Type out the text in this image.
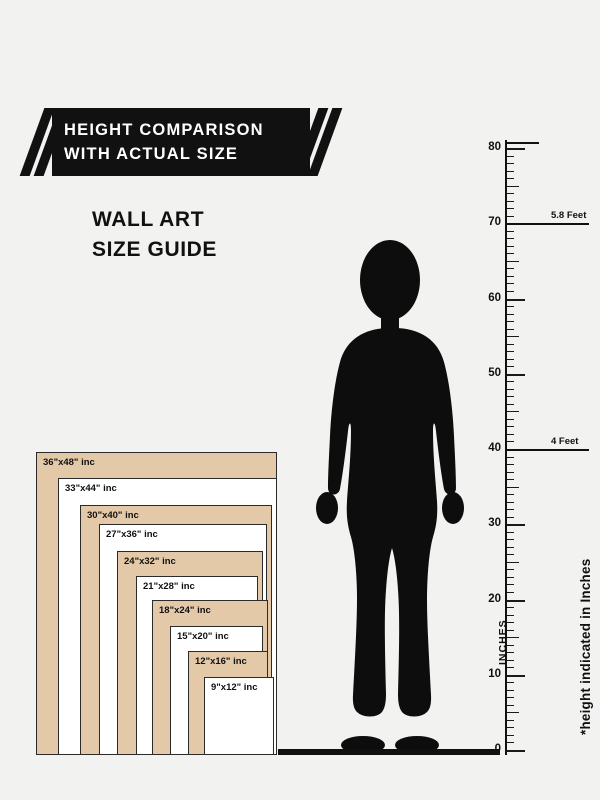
HEIGHT COMPARISON
WITH ACTUAL SIZE
WALL ART
SIZE GUIDE
36"x48" inc
33"x44" inc
30"x40" inc
27"x36" inc
24"x32" inc
21"x28" inc
18"x24" inc
15"x20" inc
12"x16" inc
9"x12" inc
0
10
20
30
40
50
60
70
80
5.8 Feet
4 Feet
INCHES	*height indicated in Inches
